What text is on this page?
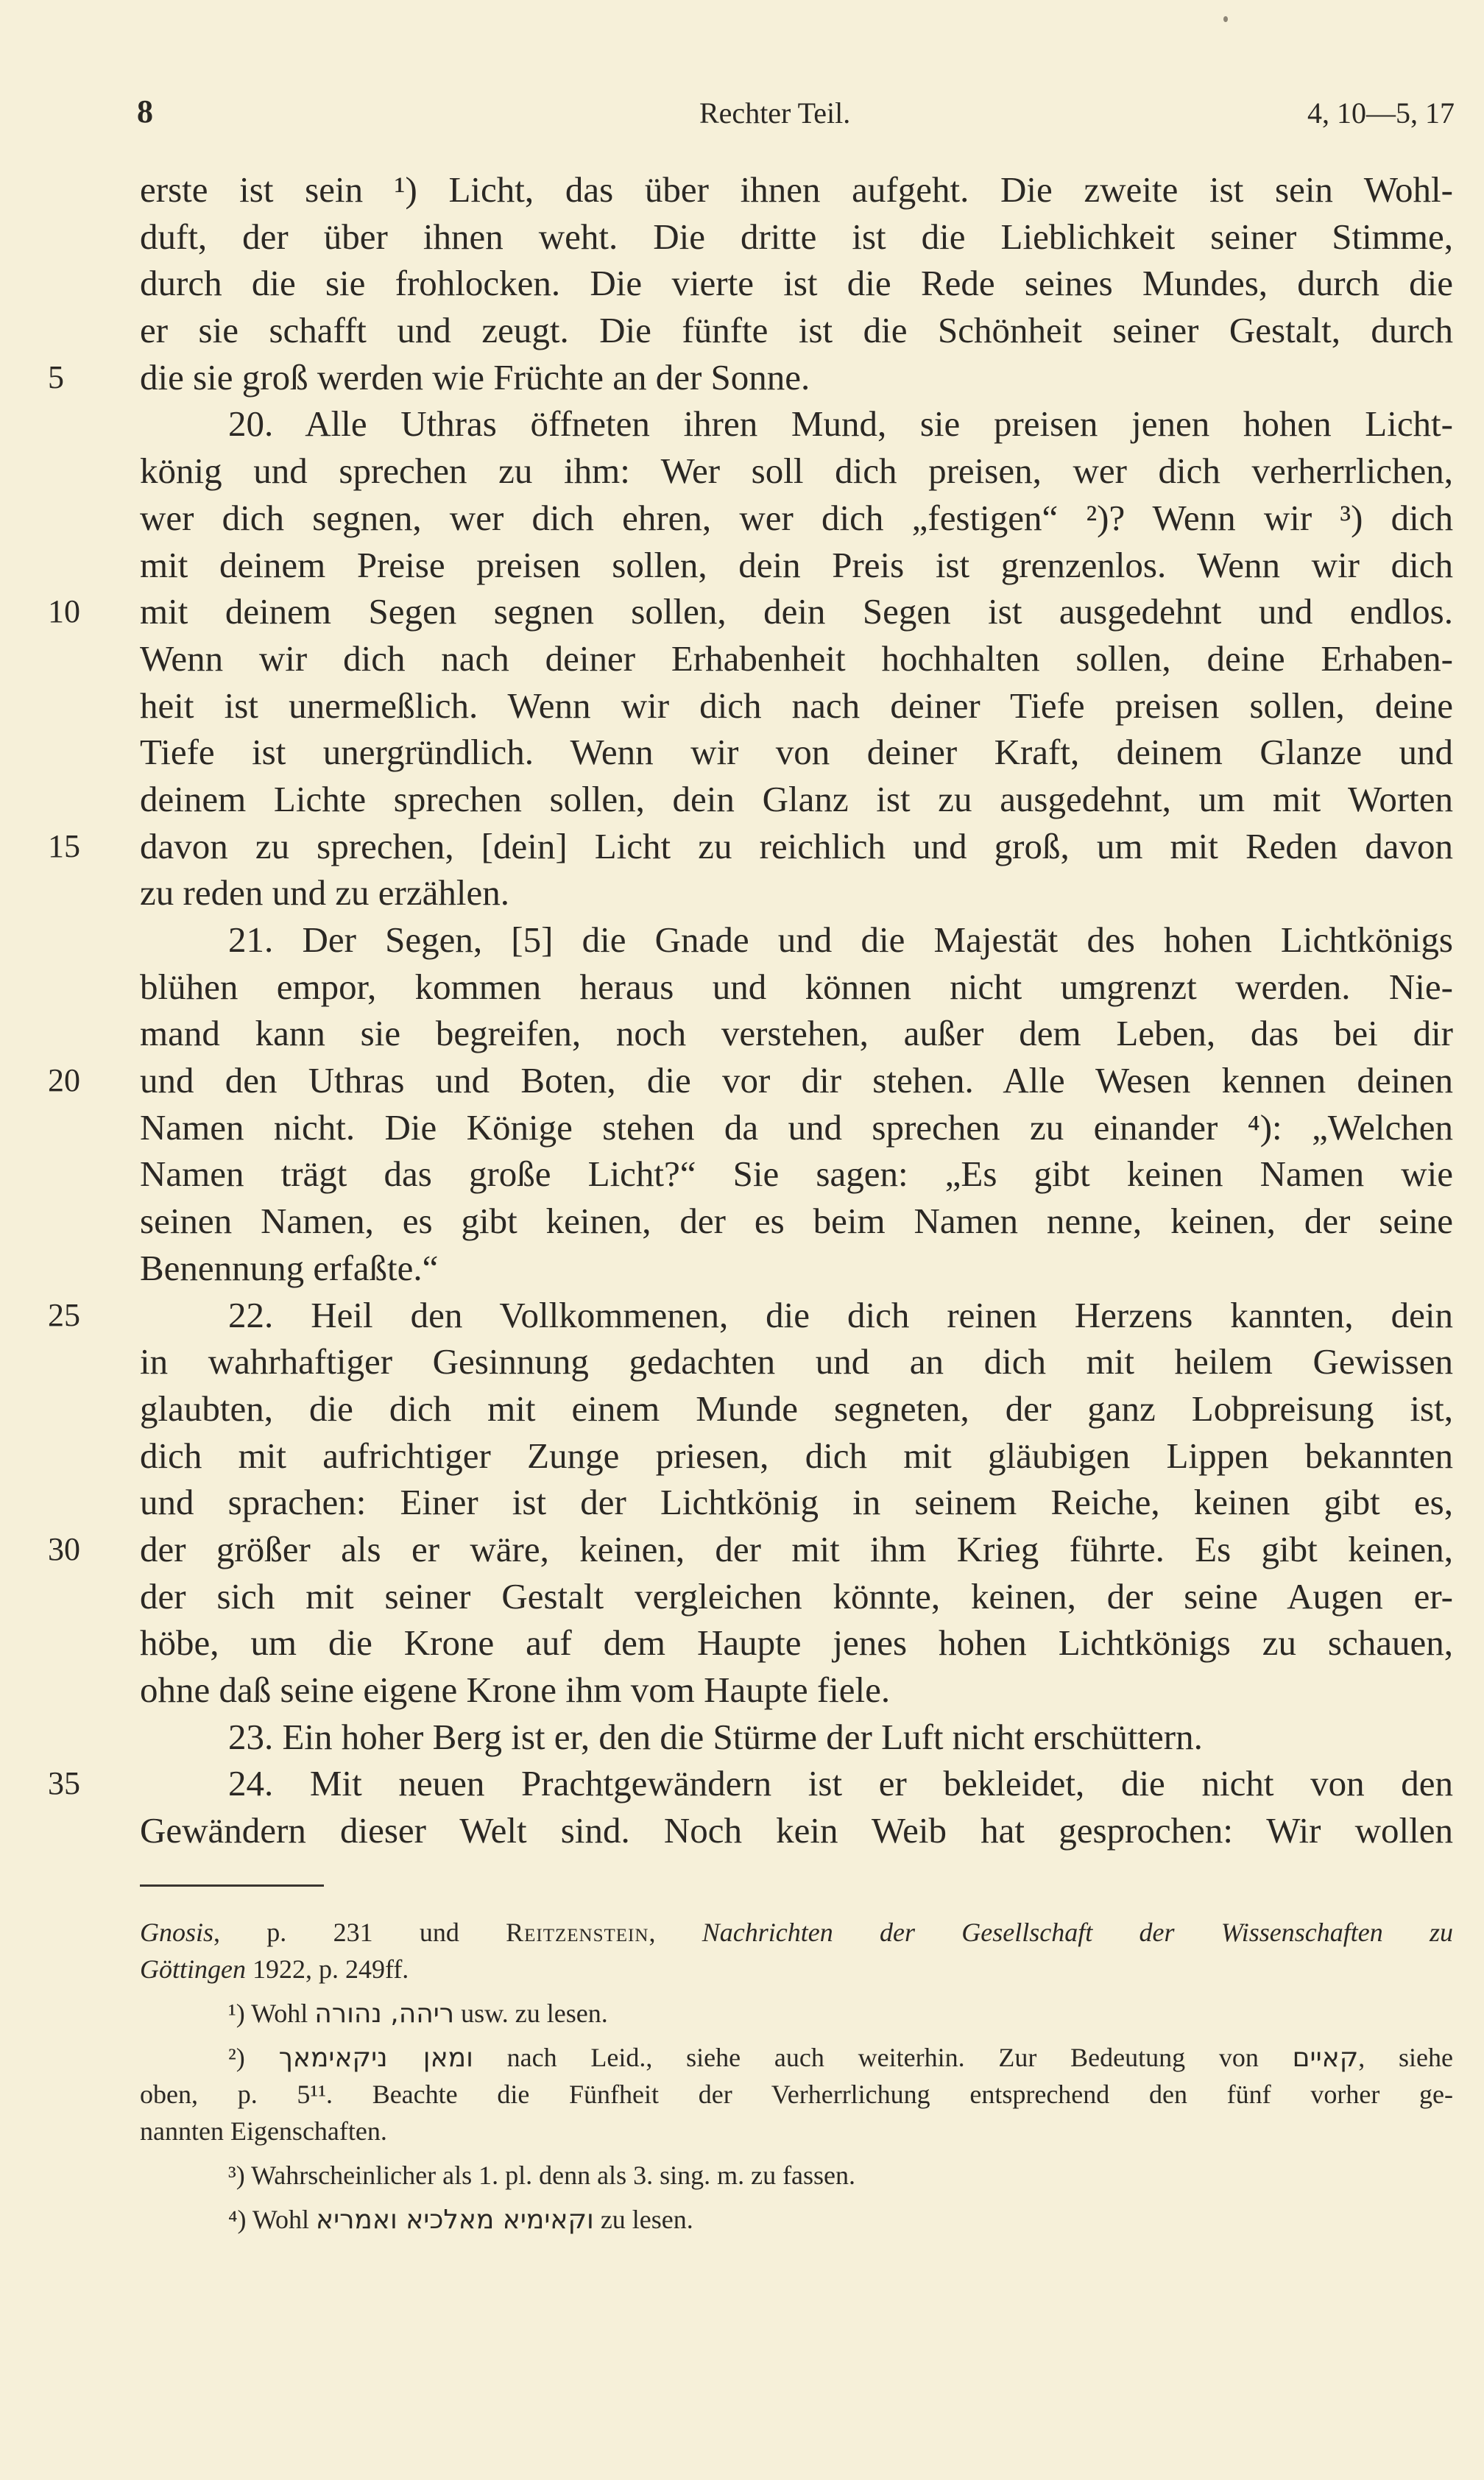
8	Rechter Teil.	4, 10—5, 17
erste ist sein ¹) Licht, das über ihnen aufgeht. Die zweite ist sein Wohl-
duft, der über ihnen weht. Die dritte ist die Lieblichkeit seiner Stimme,
durch die sie frohlocken. Die vierte ist die Rede seines Mundes, durch die
er sie schafft und zeugt. Die fünfte ist die Schönheit seiner Gestalt, durch
die sie groß werden wie Früchte an der Sonne.
5
20. Alle Uthras öffneten ihren Mund, sie preisen jenen hohen Licht-
könig und sprechen zu ihm: Wer soll dich preisen, wer dich verherrlichen,
wer dich segnen, wer dich ehren, wer dich „festigen“ ²)? Wenn wir ³) dich
mit deinem Preise preisen sollen, dein Preis ist grenzenlos. Wenn wir dich
mit deinem Segen segnen sollen, dein Segen ist ausgedehnt und endlos.
10
Wenn wir dich nach deiner Erhabenheit hochhalten sollen, deine Erhaben-
heit ist unermeßlich. Wenn wir dich nach deiner Tiefe preisen sollen, deine
Tiefe ist unergründlich. Wenn wir von deiner Kraft, deinem Glanze und
deinem Lichte sprechen sollen, dein Glanz ist zu ausgedehnt, um mit Worten
davon zu sprechen, [dein] Licht zu reichlich und groß, um mit Reden davon
15
zu reden und zu erzählen.
21. Der Segen, [5] die Gnade und die Majestät des hohen Lichtkönigs
blühen empor, kommen heraus und können nicht umgrenzt werden. Nie-
mand kann sie begreifen, noch verstehen, außer dem Leben, das bei dir
und den Uthras und Boten, die vor dir stehen. Alle Wesen kennen deinen
20
Namen nicht. Die Könige stehen da und sprechen zu einander ⁴): „Welchen
Namen trägt das große Licht?“ Sie sagen: „Es gibt keinen Namen wie
seinen Namen, es gibt keinen, der es beim Namen nenne, keinen, der seine
Benennung erfaßte.“
22. Heil den Vollkommenen, die dich reinen Herzens kannten, dein
25
in wahrhaftiger Gesinnung gedachten und an dich mit heilem Gewissen
glaubten, die dich mit einem Munde segneten, der ganz Lobpreisung ist,
dich mit aufrichtiger Zunge priesen, dich mit gläubigen Lippen bekannten
und sprachen: Einer ist der Lichtkönig in seinem Reiche, keinen gibt es,
der größer als er wäre, keinen, der mit ihm Krieg führte. Es gibt keinen,
30
der sich mit seiner Gestalt vergleichen könnte, keinen, der seine Augen er-
höbe, um die Krone auf dem Haupte jenes hohen Lichtkönigs zu schauen,
ohne daß seine eigene Krone ihm vom Haupte fiele.
23. Ein hoher Berg ist er, den die Stürme der Luft nicht erschüttern.
24. Mit neuen Prachtgewändern ist er bekleidet, die nicht von den
35
Gewändern dieser Welt sind. Noch kein Weib hat gesprochen: Wir wollen
Gnosis, p. 231 und Reitzenstein, Nachrichten der Gesellschaft der Wissenschaften zu
Göttingen 1922, p. 249ff.
¹) Wohl ריהה, נהורה usw. zu lesen.
²) ומאן ניקאימאך nach Leid., siehe auch weiterhin. Zur Bedeutung von קאיים, siehe
oben, p. 5¹¹. Beachte die Fünfheit der Verherrlichung entsprechend den fünf vorher ge-
nannten Eigenschaften.
³) Wahrscheinlicher als 1. pl. denn als 3. sing. m. zu fassen.
⁴) Wohl וקאימיא מאלכיא ואמריא zu lesen.
